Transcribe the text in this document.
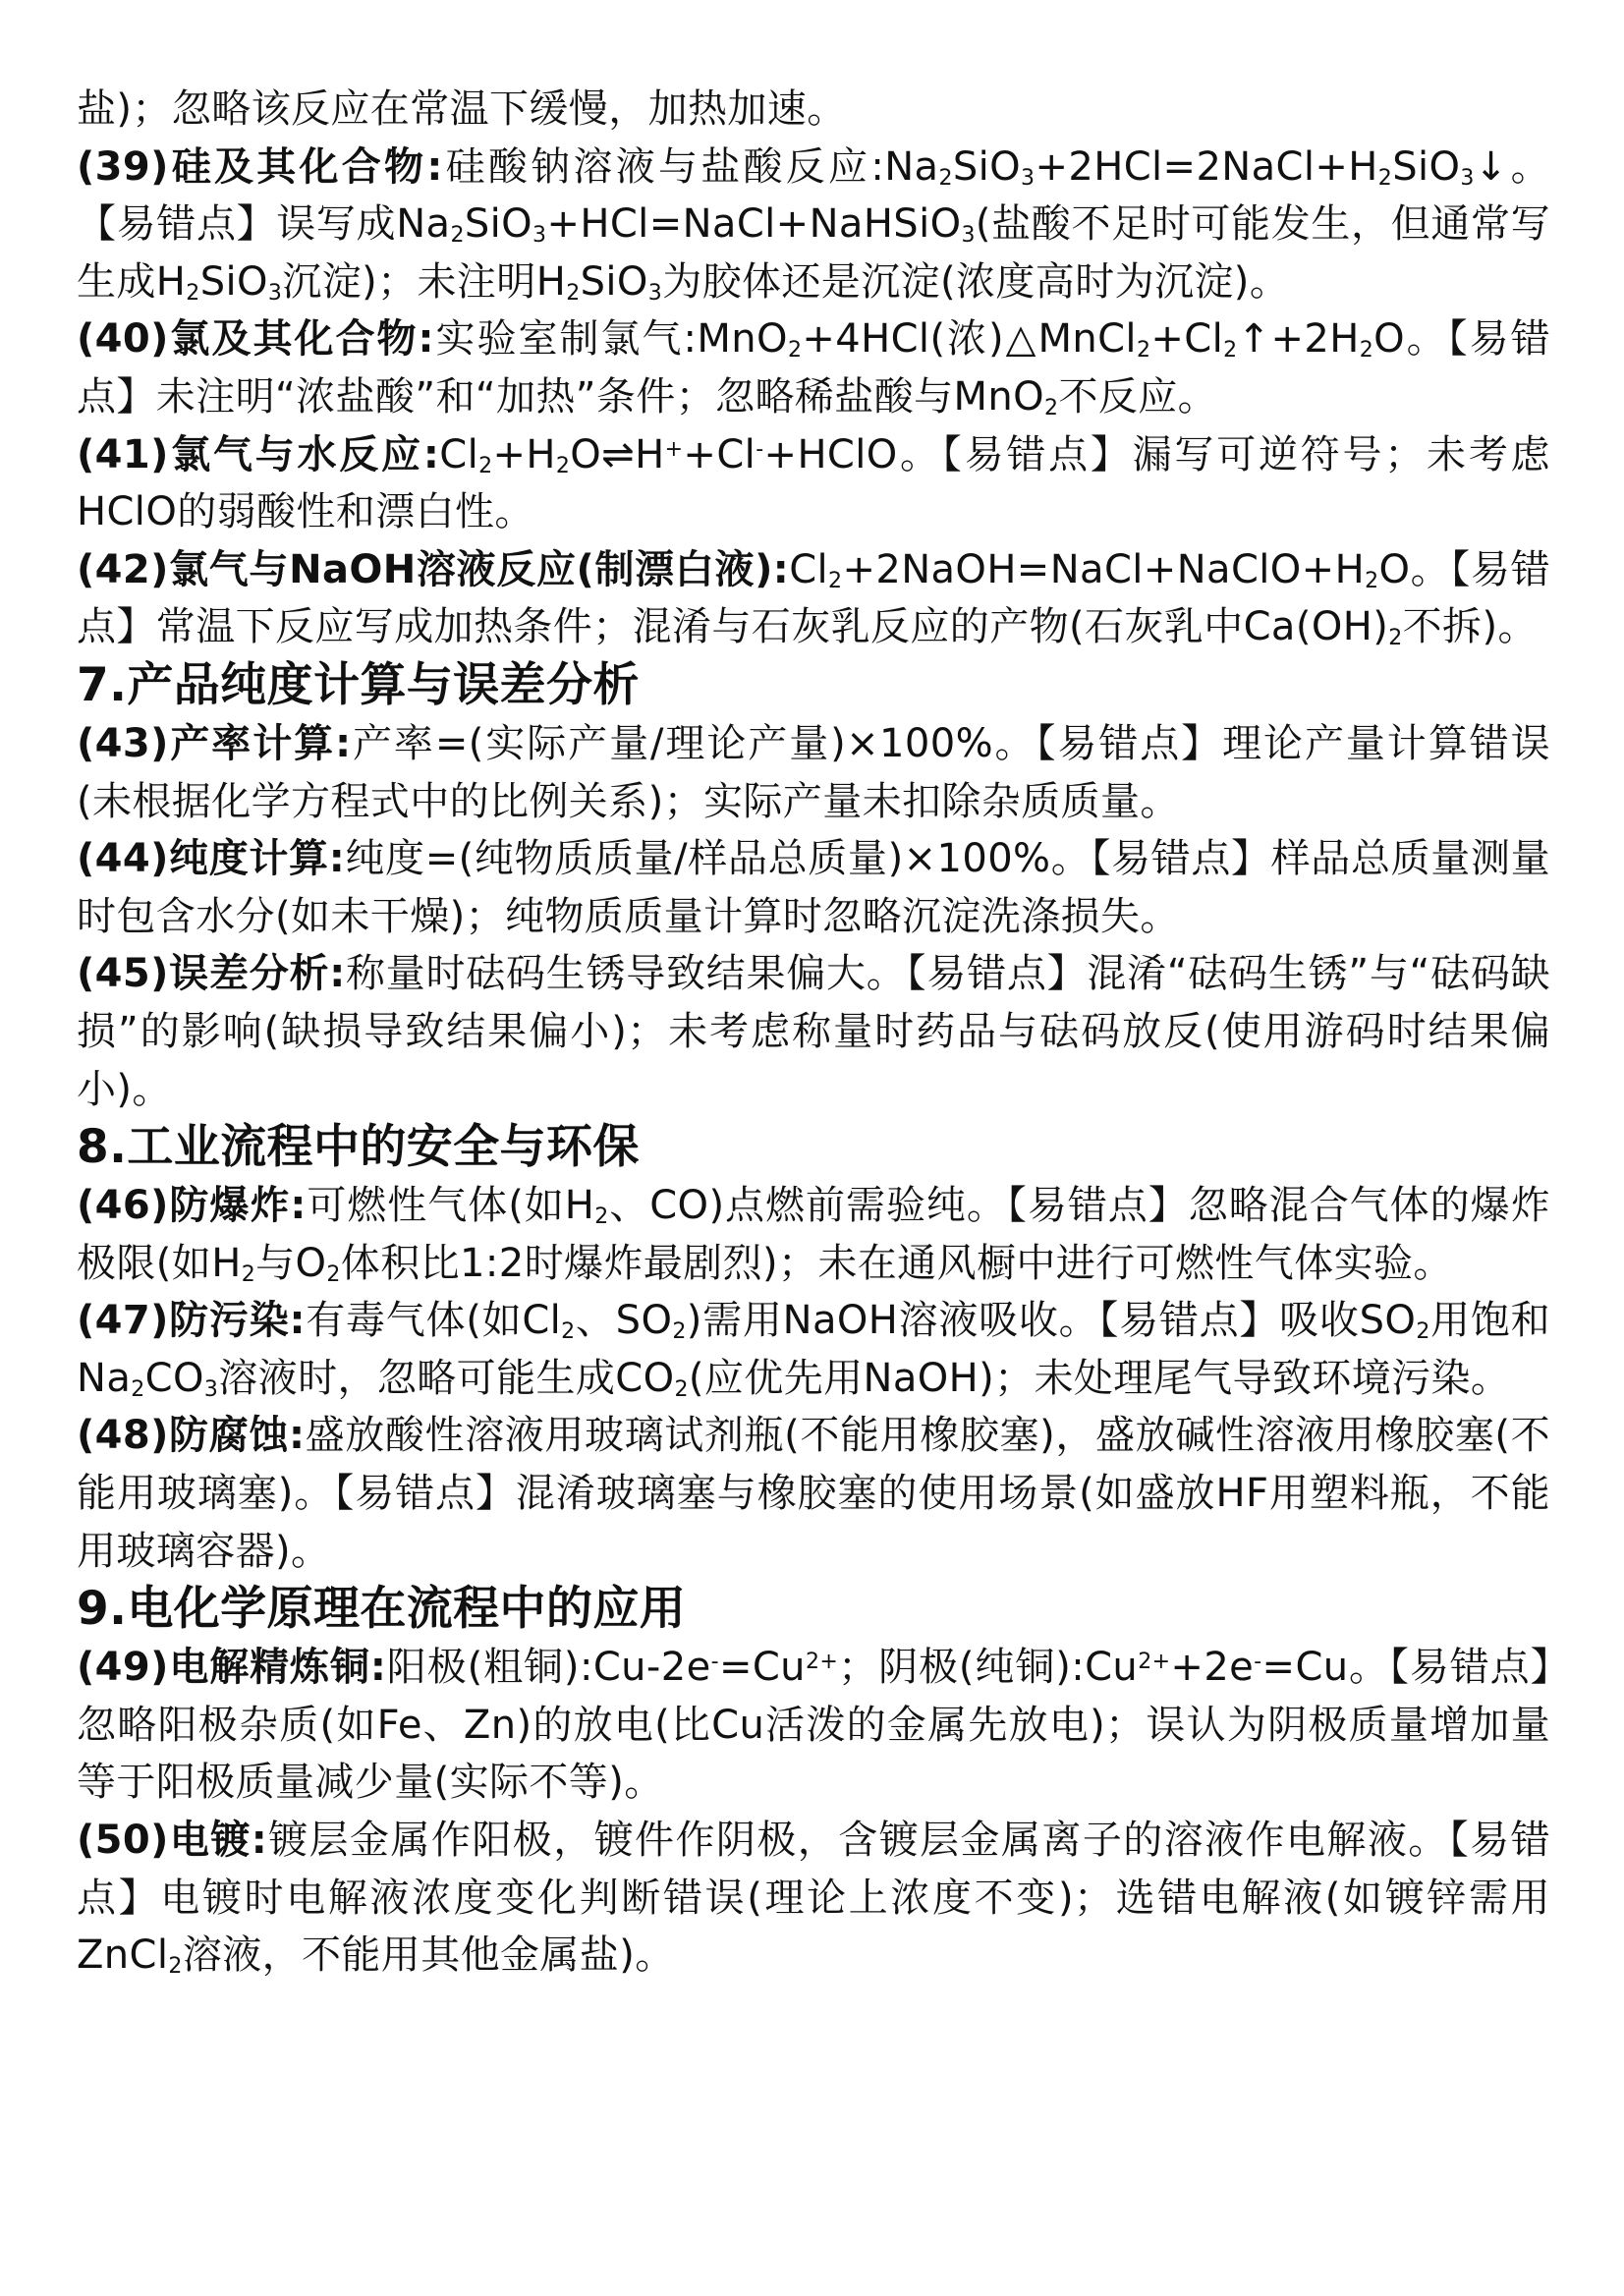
盐)；忽略该反应在常温下缓慢，加热加速。
(39)硅及其化合物:硅酸钠溶液与盐酸反应$:Na_2SiO_3+2HCl=2NaCl+H_2SiO_3↓$。【易错点】误写成$Na_2SiO_3+HCl=NaCl+NaHSiO_3$(盐酸不足时可能发生，但通常写生成$H_2SiO_3$沉淀)；未注明$H_2SiO_3$为胶体还是沉淀(浓度高时为沉淀)。
(40)氯及其化合物:实验室制氯气:MnO$_2$+4HCl(浓)$\triangle MnCl_2+Cl_2↑+2H_2O$。【易错点】未注明“浓盐酸”和“加热”条件；忽略稀盐酸与MnO$_2$不反应。
(41)氯气与水反应$:Cl_2+H_2O\rightleftharpoons H^++Cl^-+HClO$。【易错点】漏写可逆符号；未考虑HClO的弱酸性和漂白性。
(42)氯气与NaOH溶液反应(制漂白液)$:Cl_2+2NaOH=NaCl+NaClO+H_2O$。【易错点】常温下反应写成加热条件；混淆与石灰乳反应的产物(石灰乳中$Ca(OH)_2$不拆)。
7.产品纯度计算与误差分析
(43)产率计算:产率=(实际产量/理论产量)×100%。【易错点】理论产量计算错误(未根据化学方程式中的比例关系)；实际产量未扣除杂质质量。
(44)纯度计算:纯度=(纯物质质量/样品总质量)×100%。【易错点】样品总质量测量时包含水分(如未干燥)；纯物质质量计算时忽略沉淀洗涤损失。
(45)误差分析:称量时砝码生锈导致结果偏大。【易错点】混淆“砝码生锈”与“砝码缺损”的影响(缺损导致结果偏小)；未考虑称量时药品与砝码放反(使用游码时结果偏小)。
8.工业流程中的安全与环保
(46)防爆炸:可燃性气体(如$H_2$、CO)点燃前需验纯。【易错点】忽略混合气体的爆炸极限(如$H_2$与$O_2$体积比1:2时爆炸最剧烈)；未在通风橱中进行可燃性气体实验。
(47)防污染:有毒气体(如$Cl_2$、$SO_2$)需用NaOH溶液吸收。【易错点】吸收$SO_2$用饱和$Na_2CO_3$溶液时，忽略可能生成$CO_2$(应优先用NaOH)；未处理尾气导致环境污染。
(48)防腐蚀:盛放酸性溶液用玻璃试剂瓶(不能用橡胶塞)，盛放碱性溶液用橡胶塞(不能用玻璃塞)。【易错点】混淆玻璃塞与橡胶塞的使用场景(如盛放HF用塑料瓶，不能用玻璃容器)。
9.电化学原理在流程中的应用
(49)电解精炼铜:阳极(粗铜)$:Cu-2e^-=Cu^{2+}$；阴极(纯铜)$:Cu^{2+}+2e^-=Cu$。【易错点】忽略阳极杂质(如Fe、Zn)的放电(比Cu活泼的金属先放电)；误认为阴极质量增加量等于阳极质量减少量(实际不等)。
(50)电镀:镀层金属作阳极，镀件作阴极，含镀层金属离子的溶液作电解液。【易错点】电镀时电解液浓度变化判断错误(理论上浓度不变)；选错电解液(如镀锌需用ZnCl$_2$溶液，不能用其他金属盐)。
